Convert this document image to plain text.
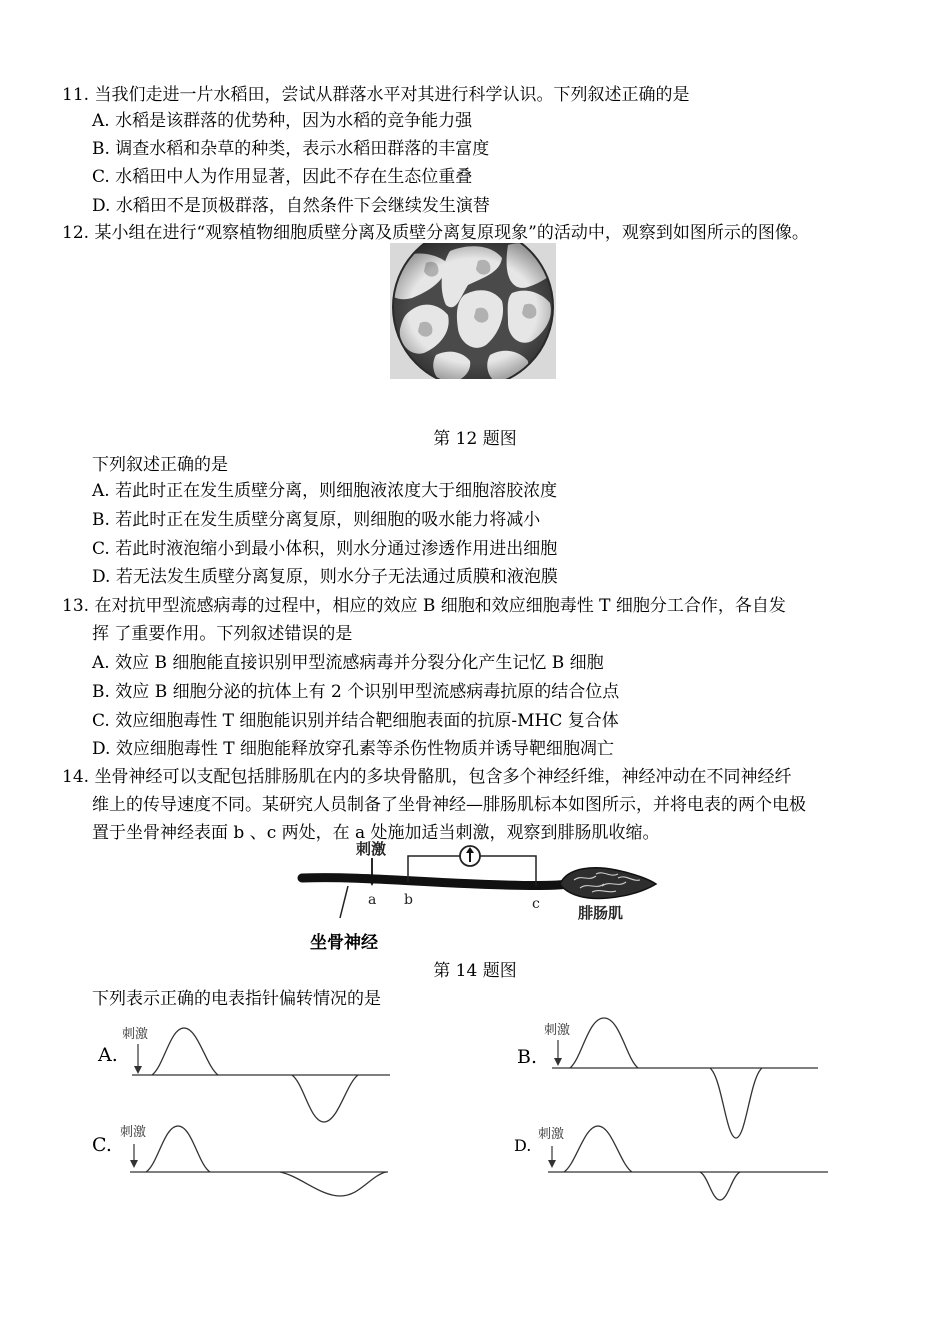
11. 当我们走进一片水稻田，尝试从群落水平对其进行科学认识。下列叙述正确的是
A. 水稻是该群落的优势种，因为水稻的竞争能力强
B. 调查水稻和杂草的种类，表示水稻田群落的丰富度
C. 水稻田中人为作用显著，因此不存在生态位重叠
D. 水稻田不是顶极群落，自然条件下会继续发生演替
12. 某小组在进行“观察植物细胞质壁分离及质壁分离复原现象”的活动中，观察到如图所示的图像。
第 12 题图
下列叙述正确的是
A. 若此时正在发生质壁分离，则细胞液浓度大于细胞溶胶浓度
B. 若此时正在发生质壁分离复原，则细胞的吸水能力将减小
C. 若此时液泡缩小到最小体积，则水分通过渗透作用进出细胞
D. 若无法发生质壁分离复原，则水分子无法通过质膜和液泡膜
13. 在对抗甲型流感病毒的过程中，相应的效应 B 细胞和效应细胞毒性 T 细胞分工合作，各自发
挥 了重要作用。下列叙述错误的是
A. 效应 B 细胞能直接识别甲型流感病毒并分裂分化产生记忆 B 细胞
B. 效应 B 细胞分泌的抗体上有 2 个识别甲型流感病毒抗原的结合位点
C. 效应细胞毒性 T 细胞能识别并结合靶细胞表面的抗原-MHC 复合体
D. 效应细胞毒性 T 细胞能释放穿孔素等杀伤性物质并诱导靶细胞凋亡
14. 坐骨神经可以支配包括腓肠肌在内的多块骨骼肌，包含多个神经纤维，神经冲动在不同神经纤
维上的传导速度不同。某研究人员制备了坐骨神经—腓肠肌标本如图所示，并将电表的两个电极
置于坐骨神经表面 b 、c 两处，在 a 处施加适当刺激，观察到腓肠肌收缩。
刺激
a b	c	腓肠肌
坐骨神经
第 14 题图
下列表示正确的电表指针偏转情况的是
A.
刺激
B.
刺激
C.
刺激
D.
刺激
